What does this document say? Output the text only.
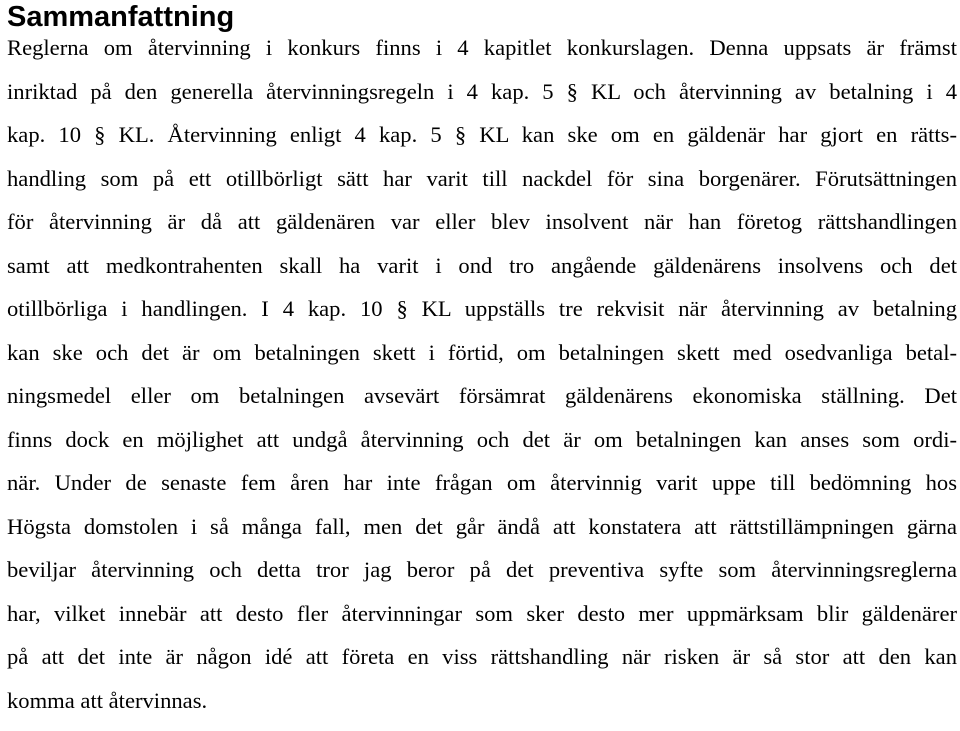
Sammanfattning
Reglerna om återvinning i konkurs finns i 4 kapitlet konkurslagen. Denna uppsats är främst
inriktad på den generella återvinningsregeln i 4 kap. 5 § KL och återvinning av betalning i 4
kap. 10 § KL. Återvinning enligt 4 kap. 5 § KL kan ske om en gäldenär har gjort en rätts-
handling som på ett otillbörligt sätt har varit till nackdel för sina borgenärer. Förutsättningen
för återvinning är då att gäldenären var eller blev insolvent när han företog rättshandlingen
samt att medkontrahenten skall ha varit i ond tro angående gäldenärens insolvens och det
otillbörliga i handlingen. I 4 kap. 10 § KL uppställs tre rekvisit när återvinning av betalning
kan ske och det är om betalningen skett i förtid, om betalningen skett med osedvanliga betal-
ningsmedel eller om betalningen avsevärt försämrat gäldenärens ekonomiska ställning. Det
finns dock en möjlighet att undgå återvinning och det är om betalningen kan anses som ordi-
när. Under de senaste fem åren har inte frågan om återvinnig varit uppe till bedömning hos
Högsta domstolen i så många fall, men det går ändå att konstatera att rättstillämpningen gärna
beviljar återvinning och detta tror jag beror på det preventiva syfte som återvinningsreglerna
har, vilket innebär att desto fler återvinningar som sker desto mer uppmärksam blir gäldenärer
på att det inte är någon idé att företa en viss rättshandling när risken är så stor att den kan
komma att återvinnas.
